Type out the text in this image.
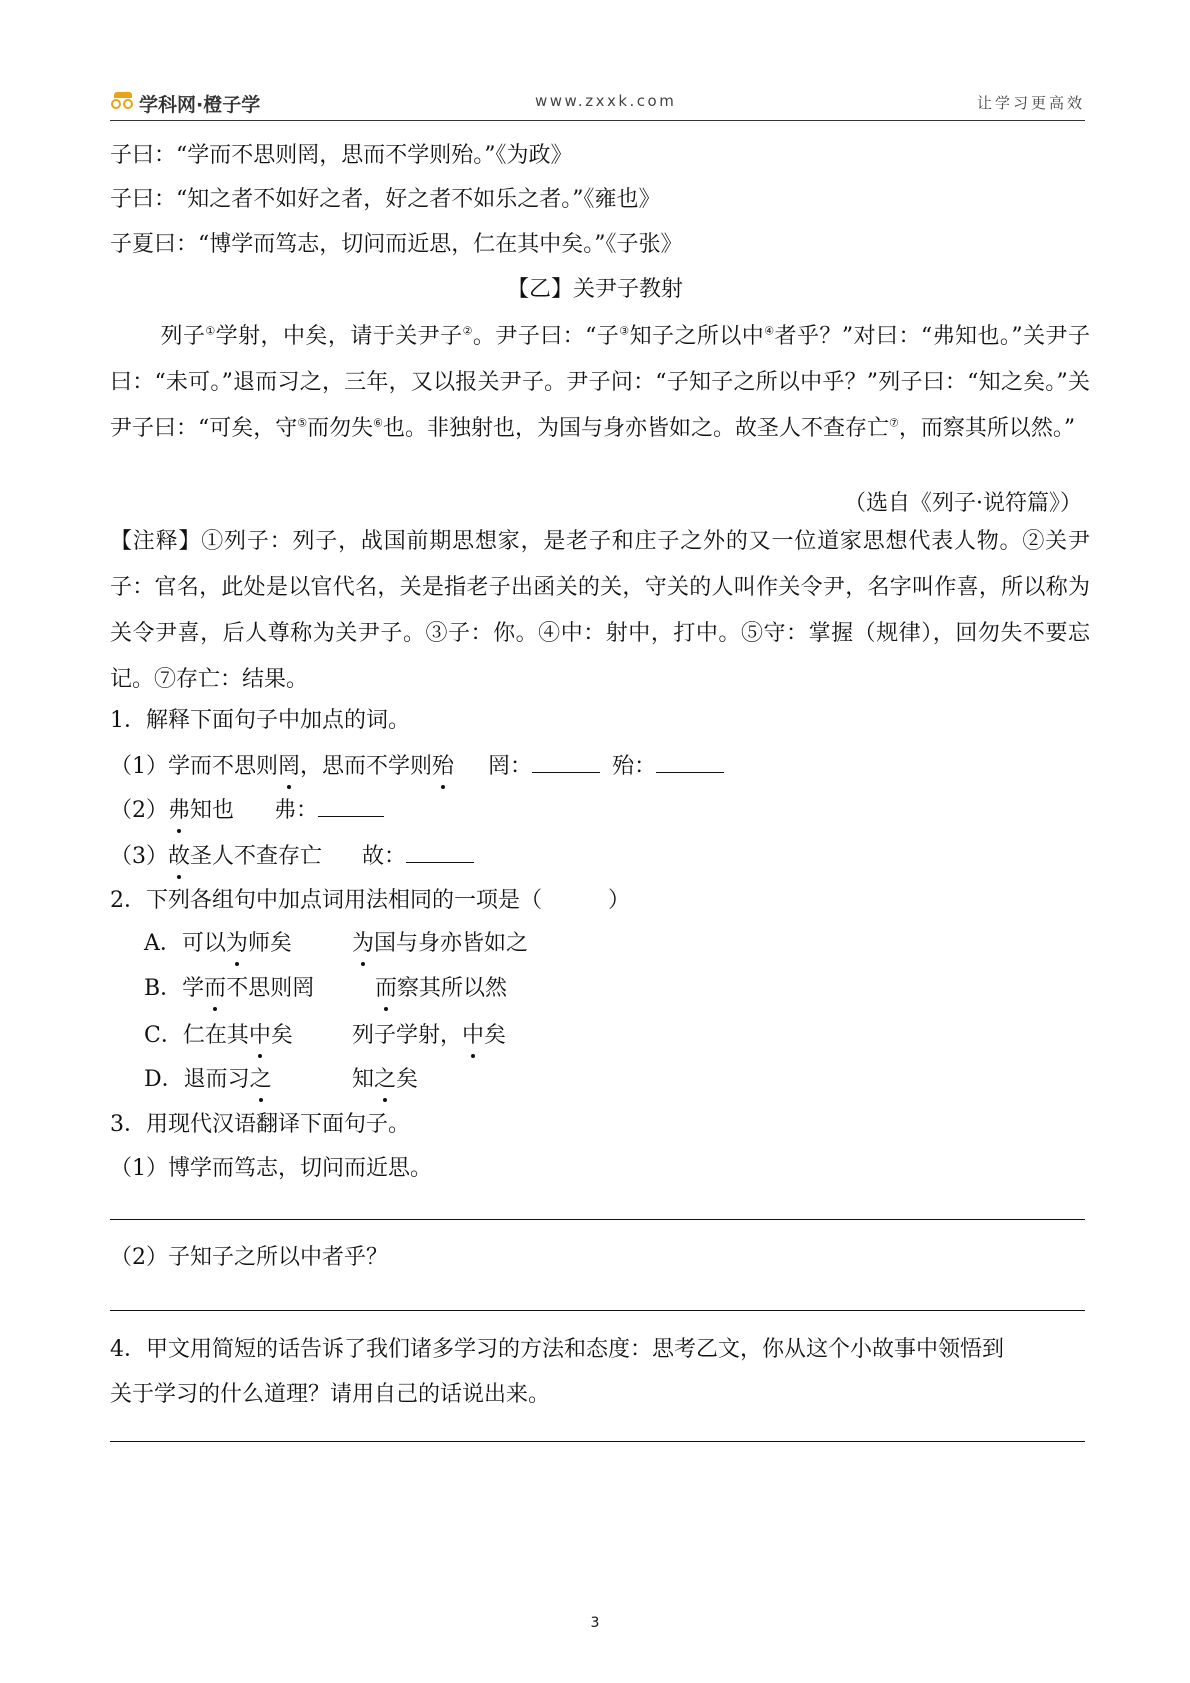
学科网·橙子学	www.zxxk.com	让学习更高效
子曰：“学而不思则罔，思而不学则殆。”《为政》
子曰：“知之者不如好之者，好之者不如乐之者。”《雍也》
子夏曰：“博学而笃志，切问而近思，仁在其中矣。”《子张》
【乙】关尹子教射
列子①学射，中矣，请于关尹子②。尹子曰：“子③知子之所以中④者乎？”对曰：“弗知也。”关尹子曰：“未可。”退而习之，三年，又以报关尹子。尹子问：“子知子之所以中乎？”列子曰：“知之矣。”关尹子曰：“可矣，守⑤而勿失⑥也。非独射也，为国与身亦皆如之。故圣人不查存亡⑦，而察其所以然。”
（选自《列子·说符篇》）
【注释】①列子：列子，战国前期思想家，是老子和庄子之外的又一位道家思想代表人物。②关尹子：官名，此处是以官代名，关是指老子出函关的关，守关的人叫作关令尹，名字叫作喜，所以称为关令尹喜，后人尊称为关尹子。③子：你。④中：射中，打中。⑤守：掌握（规律），回勿失不要忘记。⑦存亡：结果。
1．解释下面句子中加点的词。
（1）学而不思则罔，思而不学则殆 罔：	殆：
（2）弗知也 弗：
（3）故圣人不查存亡 故：
2．下列各组句中加点词用法相同的一项是（　　　）
A．可以为师矣	为国与身亦皆如之
B．学而不思则罔	而察其所以然
C．仁在其中矣	列子学射，中矣
D．退而习之	知之矣
3．用现代汉语翻译下面句子。
（1）博学而笃志，切问而近思。
（2）子知子之所以中者乎？
4．甲文用简短的话告诉了我们诸多学习的方法和态度：思考乙文，你从这个小故事中领悟到
关于学习的什么道理？请用自己的话说出来。
3
